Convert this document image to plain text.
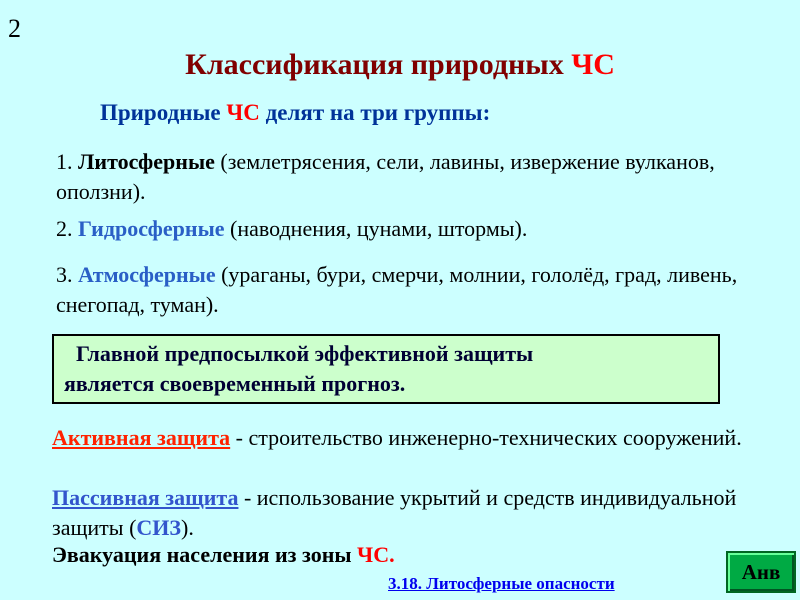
2
Классификация природных ЧС
Природные ЧС делят на три группы:
1. Литосферные (землетрясения, сели, лавины, извержение вулканов, оползни).
2. Гидросферные (наводнения, цунами, штормы).
3. Атмосферные (ураганы, бури, смерчи, молнии, гололёд, град, ливень, снегопад, туман).
Главной предпосылкой эффективной защиты
является своевременный прогноз.
Активная защита - строительство инженерно-технических сооружений.
Пассивная защита - использование укрытий и средств индивидуальной защиты (СИЗ).
Эвакуация населения из зоны ЧС.
3.18. Литосферные опасности	Анв
